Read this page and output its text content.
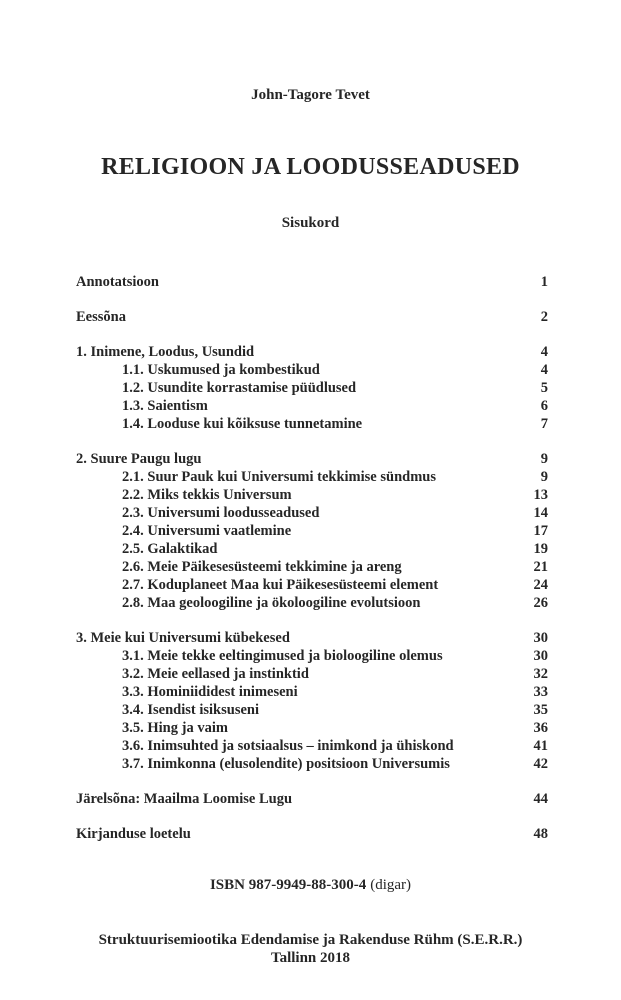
John-Tagore Tevet
RELIGIOON JA LOODUSSEADUSED
Sisukord
Annotatsioon	1
Eessõna	2
1. Inimene, Loodus, Usundid	4
1.1. Uskumused ja kombestikud	4
1.2. Usundite korrastamise püüdlused	5
1.3. Saientism	6
1.4. Looduse kui kõiksuse tunnetamine	7
2. Suure Paugu lugu	9
2.1. Suur Pauk kui Universumi tekkimise sündmus	9
2.2. Miks tekkis Universum	13
2.3. Universumi loodusseadused	14
2.4. Universumi vaatlemine	17
2.5. Galaktikad	19
2.6. Meie Päikesesüsteemi tekkimine ja areng	21
2.7. Koduplaneet Maa kui Päikesesüsteemi element	24
2.8. Maa geoloogiline ja ökoloogiline evolutsioon	26
3. Meie kui Universumi kübekesed	30
3.1. Meie tekke eeltingimused ja bioloogiline olemus	30
3.2. Meie eellased ja instinktid	32
3.3. Hominiididest inimeseni	33
3.4. Isendist isiksuseni	35
3.5. Hing ja vaim	36
3.6. Inimsuhted ja sotsiaalsus – inimkond ja ühiskond	41
3.7. Inimkonna (elusolendite) positsioon Universumis	42
Järelsõna: Maailma Loomise Lugu	44
Kirjanduse loetelu	48
ISBN 987-9949-88-300-4 (digar)
Struktuurisemiootika Edendamise ja Rakenduse Rühm (S.E.R.R.)
Tallinn 2018
